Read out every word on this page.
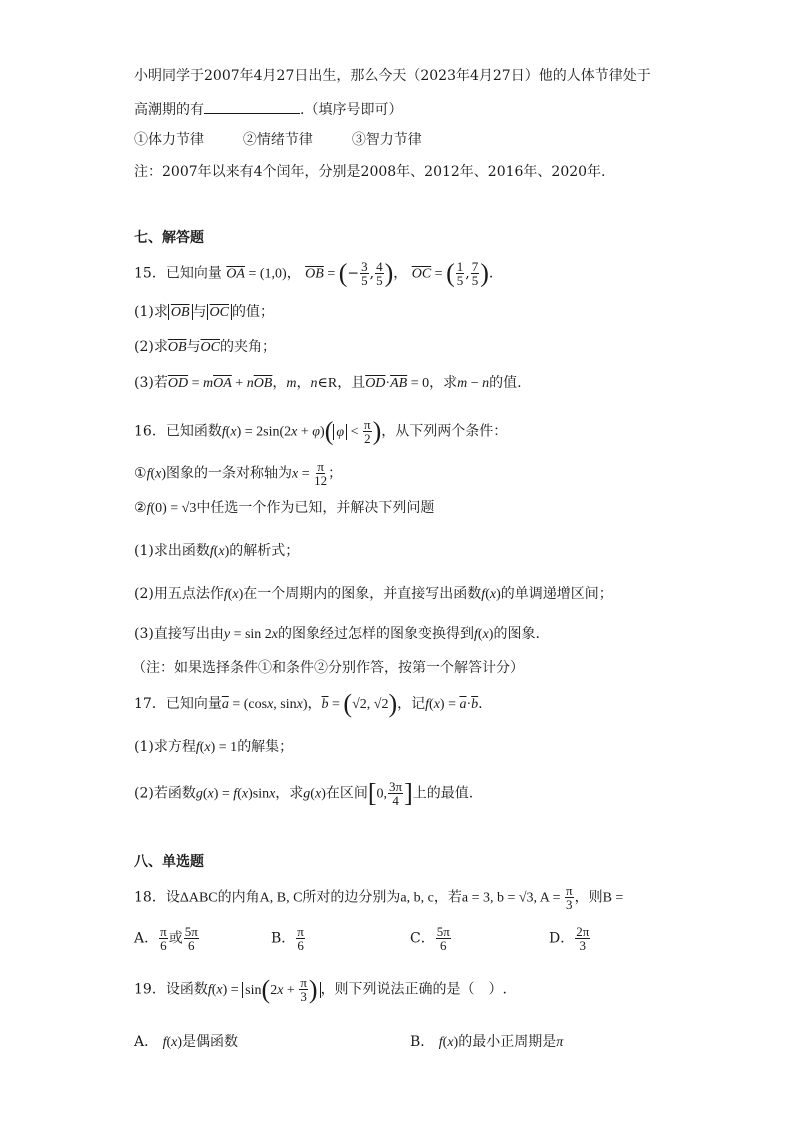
小明同学于2007年4月27日出生，那么今天（2023年4月27日）他的人体节律处于
高潮期的有	.（填序号即可）
①体力节律	②情绪节律	③智力节律
注：2007年以来有4个闰年，分别是2008年、2012年、2016年、2020年.
七、解答题
15．已知向量 $\overline{OA} = (1,0)$， $\overline{OB}$ = (− $\frac{3}{5}$ , $\frac{4}{5}$ )， $\overline{OC}$ = ( $\frac{1}{5}$ , $\frac{7}{5}$ ).
(1)求 $\overline{OB}$ 与 $\overline{OC}$ 的值；
(2)求$\overline{OB}$与$\overline{OC}$的夹角；
(3)若$\overline{OD} = m\overline{OA} + n\overline{OB}$，m，n∈R，且$\overline{OD}\cdot\overline{AB} = 0$，求m − n的值.
16．已知函数f(x) = 2sin(2x + φ)( $\varphi < \frac{\pi}{2}$ )，从下列两个条件：
①f(x)图象的一条对称轴为$x = \frac{\pi}{12}$ ；
②f(0) = √3中任选一个作为已知，并解决下列问题
(1)求出函数f(x)的解析式；
(2)用五点法作f(x)在一个周期内的图象，并直接写出函数f(x)的单调递增区间；
(3)直接写出由y = sin 2x的图象经过怎样的图象变换得到f(x)的图象.
（注：如果选择条件①和条件②分别作答，按第一个解答计分）
17．已知向量$\overline{a} = (\cos x$, sinx)，$\overline{b} = (√2$, √2)，记$f(x) = \overline{a}\cdot\overline{b}$.
(1)求方程f(x) = 1的解集；
(2)若函数g(x) = f(x)sinx，求g(x)在区间[0, $\frac{3\pi}{4}$ ]上的最值.
八、单选题
18．设ΔABC的内角A, B, C所对的边分别为a, b, c，若a = 3, b = √3, $A = \frac{\pi}{3}$ ，则B =
A． $\frac{\pi}{6}$ 或 $\frac{5\pi}{6}$	B． $\frac{\pi}{6}$	C． $\frac{5\pi}{6}$	D． $\frac{2\pi}{3}$
19．设函数$f(x) = \sin(2x + \frac{\pi}{3}$ ) ，则下列说法正确的是（　）.
A． f(x)是偶函数	B． f(x)的最小正周期是π
